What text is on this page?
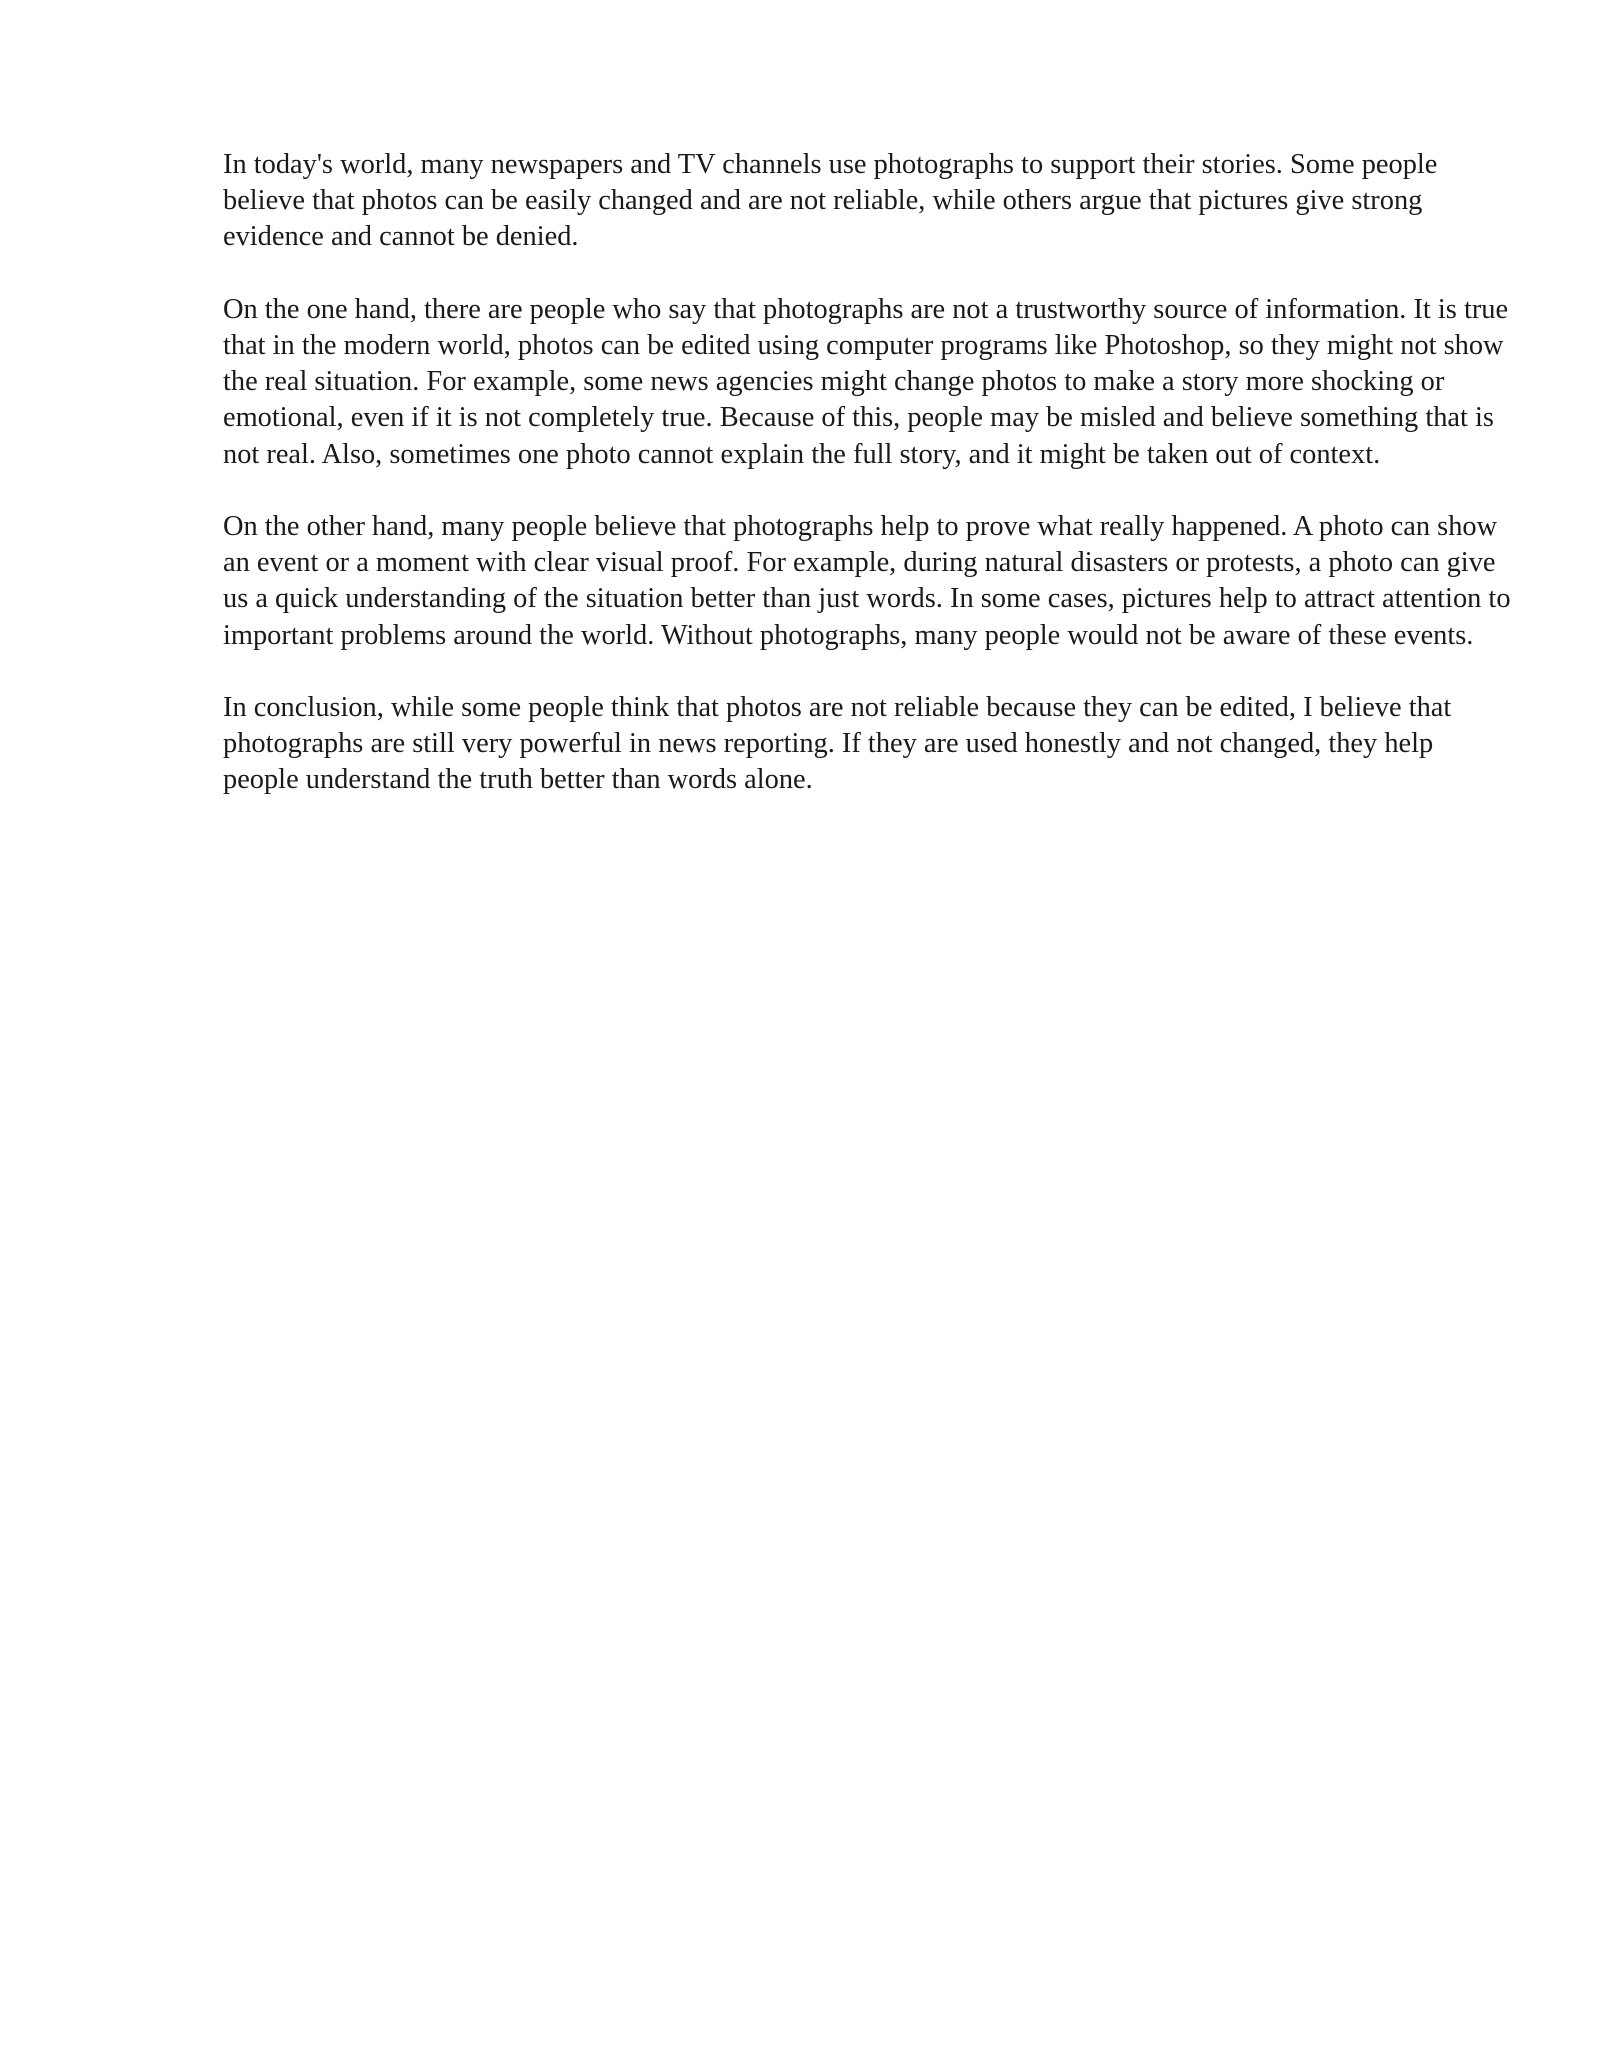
In today's world, many newspapers and TV channels use photographs to support their stories. Some people believe that photos can be easily changed and are not reliable, while others argue that pictures give strong evidence and cannot be denied.

On the one hand, there are people who say that photographs are not a trustworthy source of information. It is true that in the modern world, photos can be edited using computer programs like Photoshop, so they might not show the real situation. For example, some news agencies might change photos to make a story more shocking or emotional, even if it is not completely true. Because of this, people may be misled and believe something that is not real. Also, sometimes one photo cannot explain the full story, and it might be taken out of context.

On the other hand, many people believe that photographs help to prove what really happened. A photo can show an event or a moment with clear visual proof. For example, during natural disasters or protests, a photo can give us a quick understanding of the situation better than just words. In some cases, pictures help to attract attention to important problems around the world. Without photographs, many people would not be aware of these events.

In conclusion, while some people think that photos are not reliable because they can be edited, I believe that photographs are still very powerful in news reporting. If they are used honestly and not changed, they help people understand the truth better than words alone.
